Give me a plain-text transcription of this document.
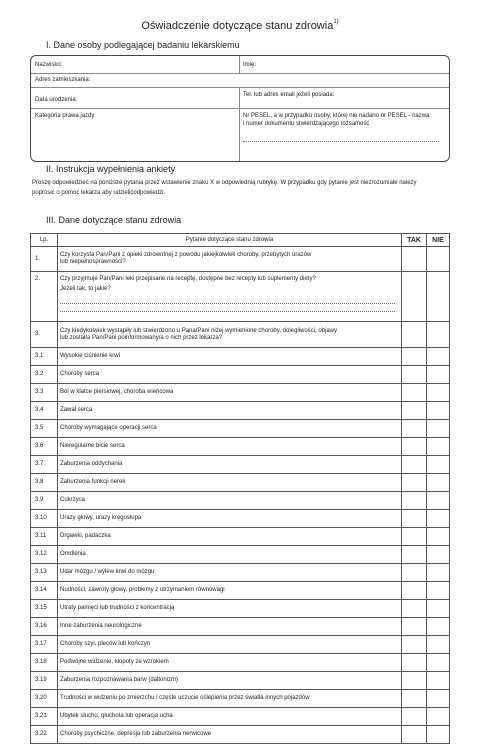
Oświadczenie dotyczące stanu zdrowia$^{1)}$
I. Dane osoby podlegającej badaniu lekarskiemu
Nazwisko:	Imię:
Adres zamieszkania:
Data urodzenia:
Tel. lub adres email jeżeli posiada:
Kategoria prawa jazdy	Nr PESEL, a w przypadku osoby, której nie nadano nr PESEL - nazwa
i numer dokumentu stwierdzającego tożsamość
II. Instrukcja wypełnienia ankiety
Proszę odpowiedzieć na poniższe pytania przez wstawienie znaku X w odpowiednią rubrykę. W przypadku gdy pytanie jest niezrozumiałe należy
poprosić o pomoc lekarza aby udzielićodpowiedzi.
III. Dane dotyczące stanu zdrowia
Lp.	Pytanie dotyczące stanu zdrowia	TAK	NIE
1.	Czy korzysta Pan/Pani z opieki zdrowotnej z powodu jakiejkolwiek choroby, przebytych urazów
lub niepełnosprawności?		

2.	Czy przyjmuje Pan/Pani leki przepisane na receptę, dostępne bez recepty lub suplementy diety?
Jeżeli tak, to jakie?		

3.	Czy kiedykolwiek wystąpiły lub stwierdzono u Pana/Pani niżej wymienione choroby, dolegliwości, objawy
lub został/a Pan/Pani poinformowany/a o nich przez lekarza?		

3.1	Wysokie ciśnienie krwi		
3.2	Choroby serca		
3.3	Ból w klatce piersiowej, choroba wieńcowa		
3.4	Zawał serca		
3.5	Choroby wymagające operacji serca		
3.6	Nieregularne bicie serca		
3.7	Zaburzenia oddychania		
3.8	Zaburzenia funkcji nerek		
3.9	Cukrzyca		
3.10	Urazy głowy, urazy kręgosłupa		
3.11	Drgawki, padaczka		
3.12	Omdlenia		
3.13	Udar mózgu / wylew krwi do mózgu		
3.14	Nudności, zawroty głowy, problemy z utrzymaniem równowagi		
3.15	Utraty pamięci lub trudności z koncentracją		
3.16	Inne zaburzenia neurologiczne		
3.17	Choroby szyi, pleców lub kończyn		
3.18	Podwójne widzenie, kłopoty ze wzrokiem		
3.19	Zaburzenia rozpoznawania barw (daltonizm)		
3.20	Trudności w widzeniu po zmierzchu i częste uczucie oślepienia przez światła innych pojazdów		
3.21	Ubytek słuchu, głuchota lub operacja ucha		
3.22	Choroby psychiczne, depresja lub zaburzenia nerwicowe		
